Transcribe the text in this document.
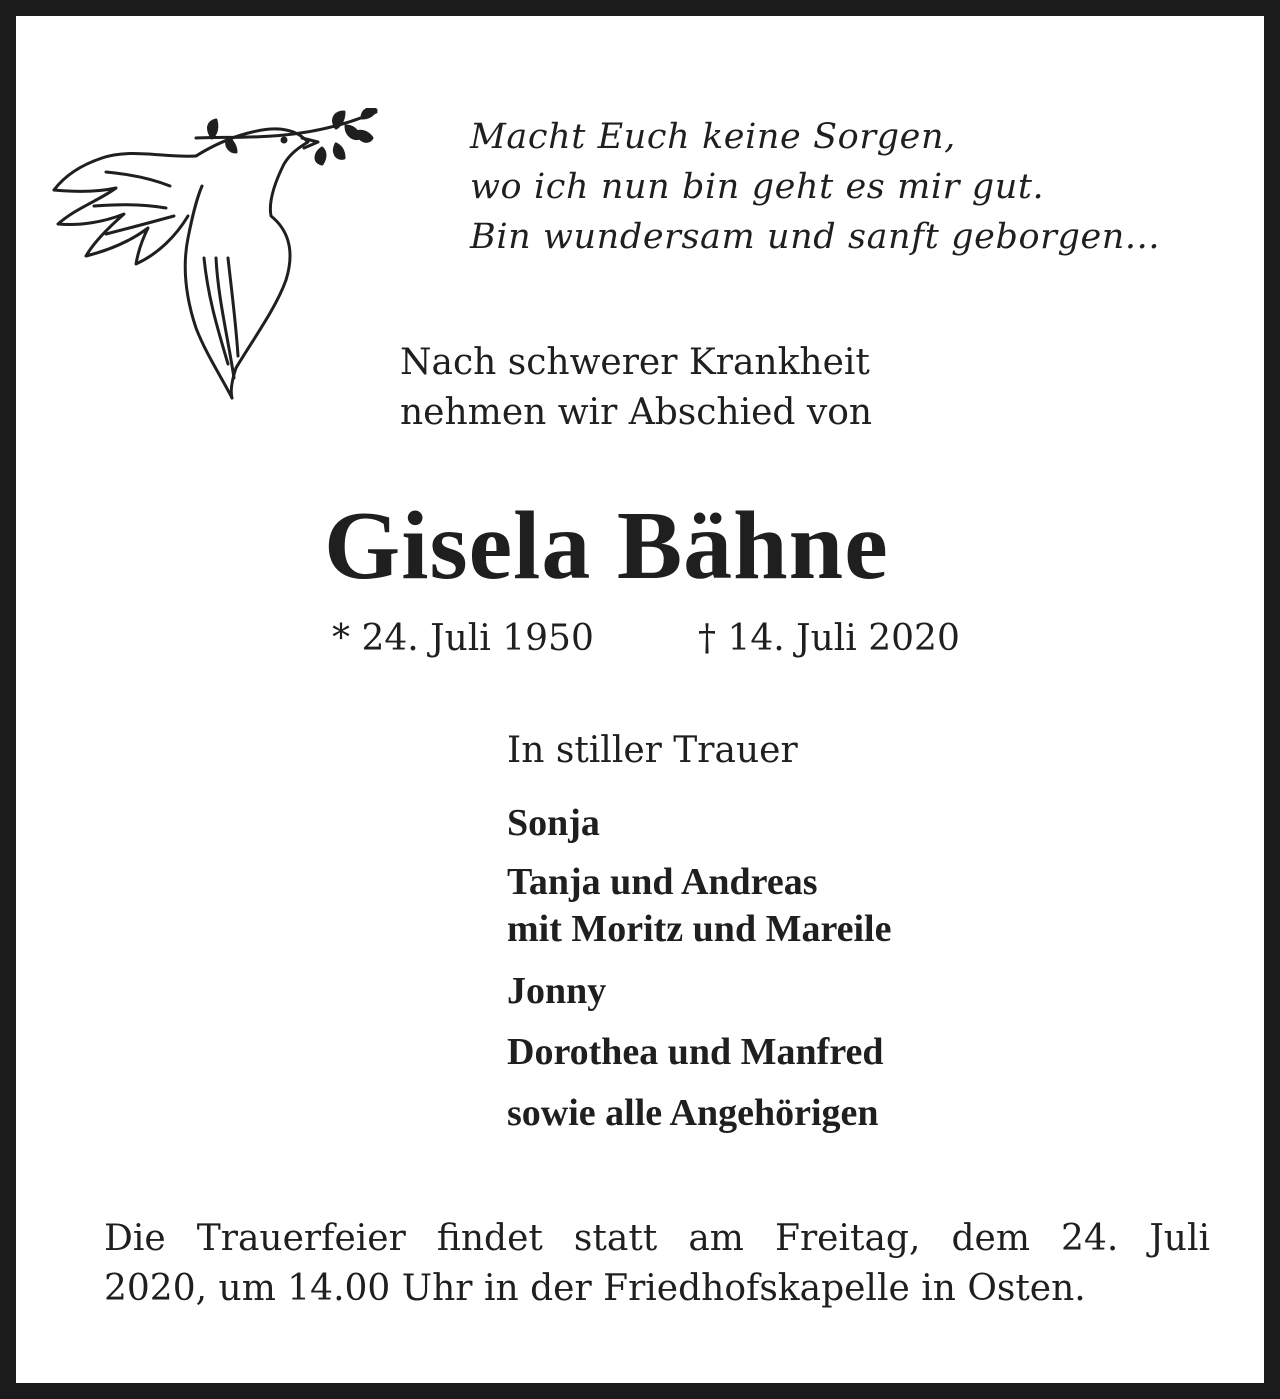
Macht Euch keine Sorgen,
wo ich nun bin geht es mir gut.
Bin wundersam und sanft geborgen...
Nach schwerer Krankheit
nehmen wir Abschied von
Gisela Bähne
* 24. Juli 1950	† 14. Juli 2020
In stiller Trauer
Sonja
Tanja und Andreas
mit Moritz und Mareile
Jonny
Dorothea und Manfred
sowie alle Angehörigen
Die Trauerfeier findet statt am Freitag, dem 24. Juli
2020, um 14.00 Uhr in der Friedhofskapelle in Osten.
